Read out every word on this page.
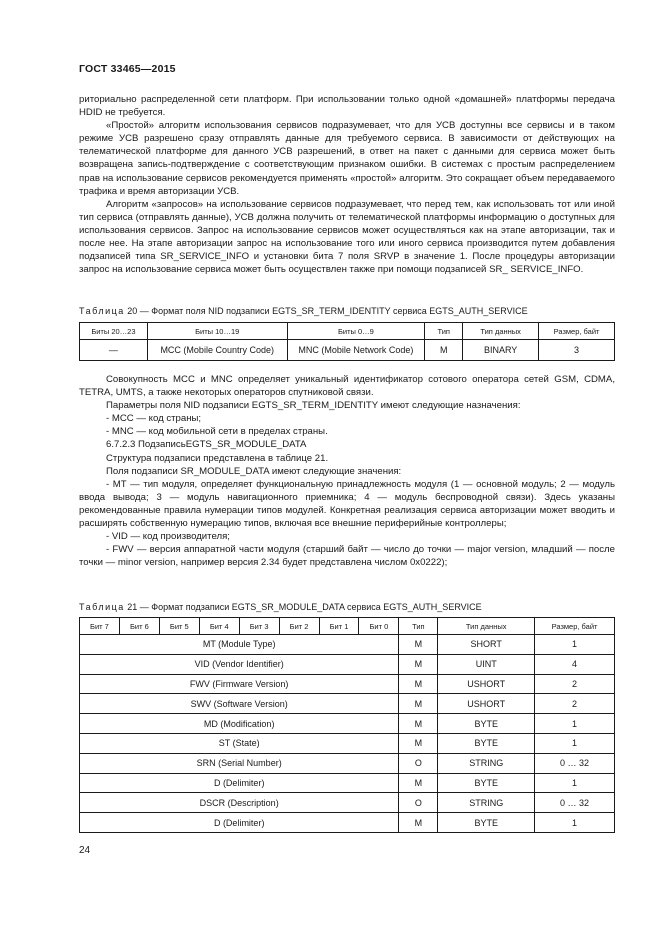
ГОСТ 33465—2015

риториально распределенной сети платформ. При использовании только одной «домашней» платформы передача HDID не требуется.

«Простой» алгоритм использования сервисов подразумевает, что для УСВ доступны все сервисы и в таком режиме УСВ разрешено сразу отправлять данные для требуемого сервиса. В зависимости от действующих на телематической платформе для данного УСВ разрешений, в ответ на пакет с данными для сервиса может быть возвращена запись-подтверждение с соответствующим признаком ошибки. В системах с простым распределением прав на использование сервисов рекомендуется применять «простой» алгоритм. Это сокращает объем передаваемого трафика и время авторизации УСВ.

Алгоритм «запросов» на использование сервисов подразумевает, что перед тем, как использовать тот или иной тип сервиса (отправлять данные), УСВ должна получить от телематической платформы информацию о доступных для использования сервисов. Запрос на использование сервисов может осуществляться как на этапе авторизации, так и после нее. На этапе авторизации запрос на использование того или иного сервиса производится путем добавления подзаписей типа SR_SERVICE_INFO и установки бита 7 поля SRVP в значение 1. После процедуры авторизации запрос на использование сервиса может быть осуществлен также при помощи подзаписей SR_ SERVICE_INFO.

Таблица 20 — Формат поля NID подзаписи EGTS_SR_TERM_IDENTITY сервиса EGTS_AUTH_SERVICE
Биты 20…23	Биты 10…19	Биты 0…9	Тип	Тип данных	Размер, байт
—	MCC (Mobile Country Code)	MNC (Mobile Network Code)	M	BINARY	3

Совокупность MCC и MNC определяет уникальный идентификатор сотового оператора сетей GSM, CDMA, TETRA, UMTS, а также некоторых операторов спутниковой связи.

Параметры поля NID подзаписи EGTS_SR_TERM_IDENTITY имеют следующие назначения:

- MCC — код страны;

- MNC — код мобильной сети в пределах страны.

6.7.2.3 ПодзаписьEGTS_SR_MODULE_DATA

Структура подзаписи представлена в таблице 21.

Поля подзаписи SR_MODULE_DATA имеют следующие значения:

- MT — тип модуля, определяет функциональную принадлежность модуля (1 — основной модуль; 2 — модуль ввода вывода; 3 — модуль навигационного приемника; 4 — модуль беспроводной связи). Здесь указаны рекомендованные правила нумерации типов модулей. Конкретная реализация сервиса авторизации может вводить и расширять собственную нумерацию типов, включая все внешние периферийные контроллеры;

- VID — код производителя;

- FWV — версия аппаратной части модуля (старший байт — число до точки — major version, младший — после точки — minor version, например версия 2.34 будет представлена числом 0x0222);

Таблица 21 — Формат подзаписи EGTS_SR_MODULE_DATA сервиса EGTS_AUTH_SERVICE
Бит 7	Бит 6	Бит 5	Бит 4	Бит 3	Бит 2	Бит 1	Бит 0	Тип	Тип данных	Размер, байт
MT (Module Type)								M	SHORT	1
VID (Vendor Identifier)								M	UINT	4
FWV (Firmware Version)								M	USHORT	2
SWV (Software Version)								M	USHORT	2
MD (Modification)								M	BYTE	1
ST (State)								M	BYTE	1
SRN (Serial Number)								O	STRING	0 … 32
D (Delimiter)								M	BYTE	1
DSCR (Description)								O	STRING	0 … 32
D (Delimiter)								M	BYTE	1
24
